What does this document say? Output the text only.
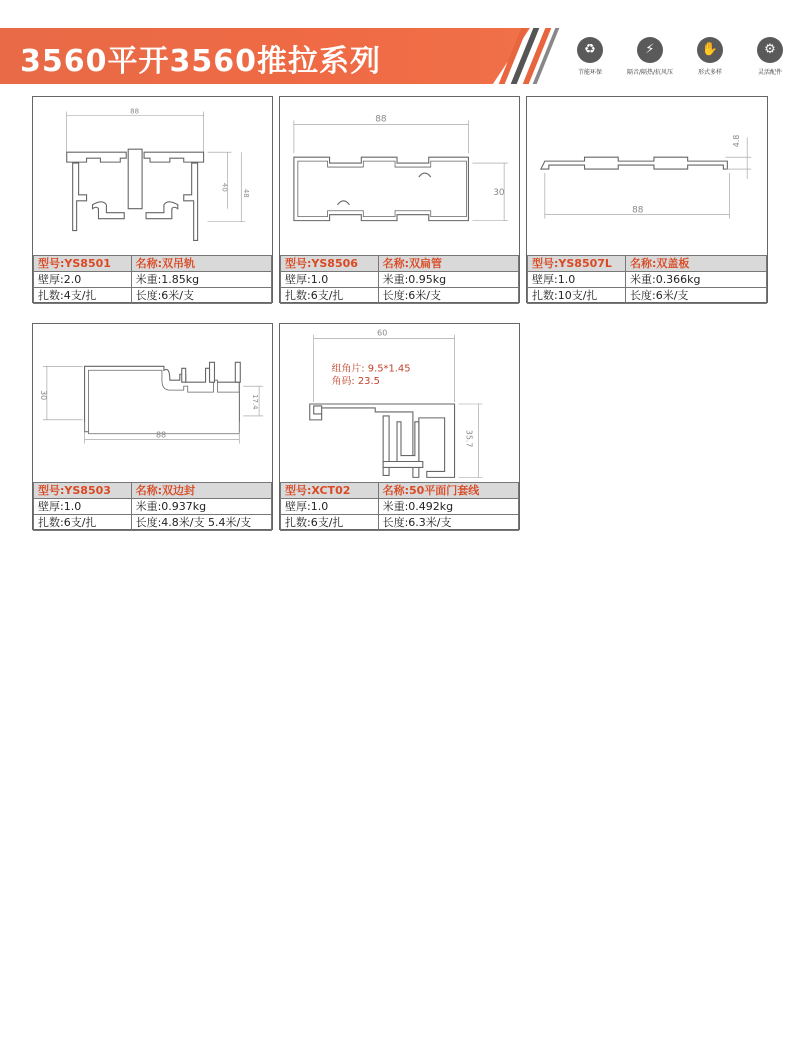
3560平开3560推拉系列	♻
节能环保
⚡
隔音/隔热/抗风压
✋
形式多样
⚙
灵活配件
88
40
48
型号:YS8501	名称:双吊轨
壁厚:2.0	米重:1.85kg
扎数:4支/扎	长度:6米/支
88
30
型号:YS8506	名称:双扁管
壁厚:1.0	米重:0.95kg
扎数:6支/扎	长度:6米/支
4.8
88
型号:YS8507L	名称:双盖板
壁厚:1.0	米重:0.366kg
扎数:10支/扎	长度:6米/支
30	17.4
88
型号:YS8503	名称:双边封
壁厚:1.0	米重:0.937kg
扎数:6支/扎	长度:4.8米/支 5.4米/支
60
组角片: 9.5*1.45
角码: 23.5
35.7
型号:XCT02	名称:50平面门套线
壁厚:1.0	米重:0.492kg
扎数:6支/扎	长度:6.3米/支
